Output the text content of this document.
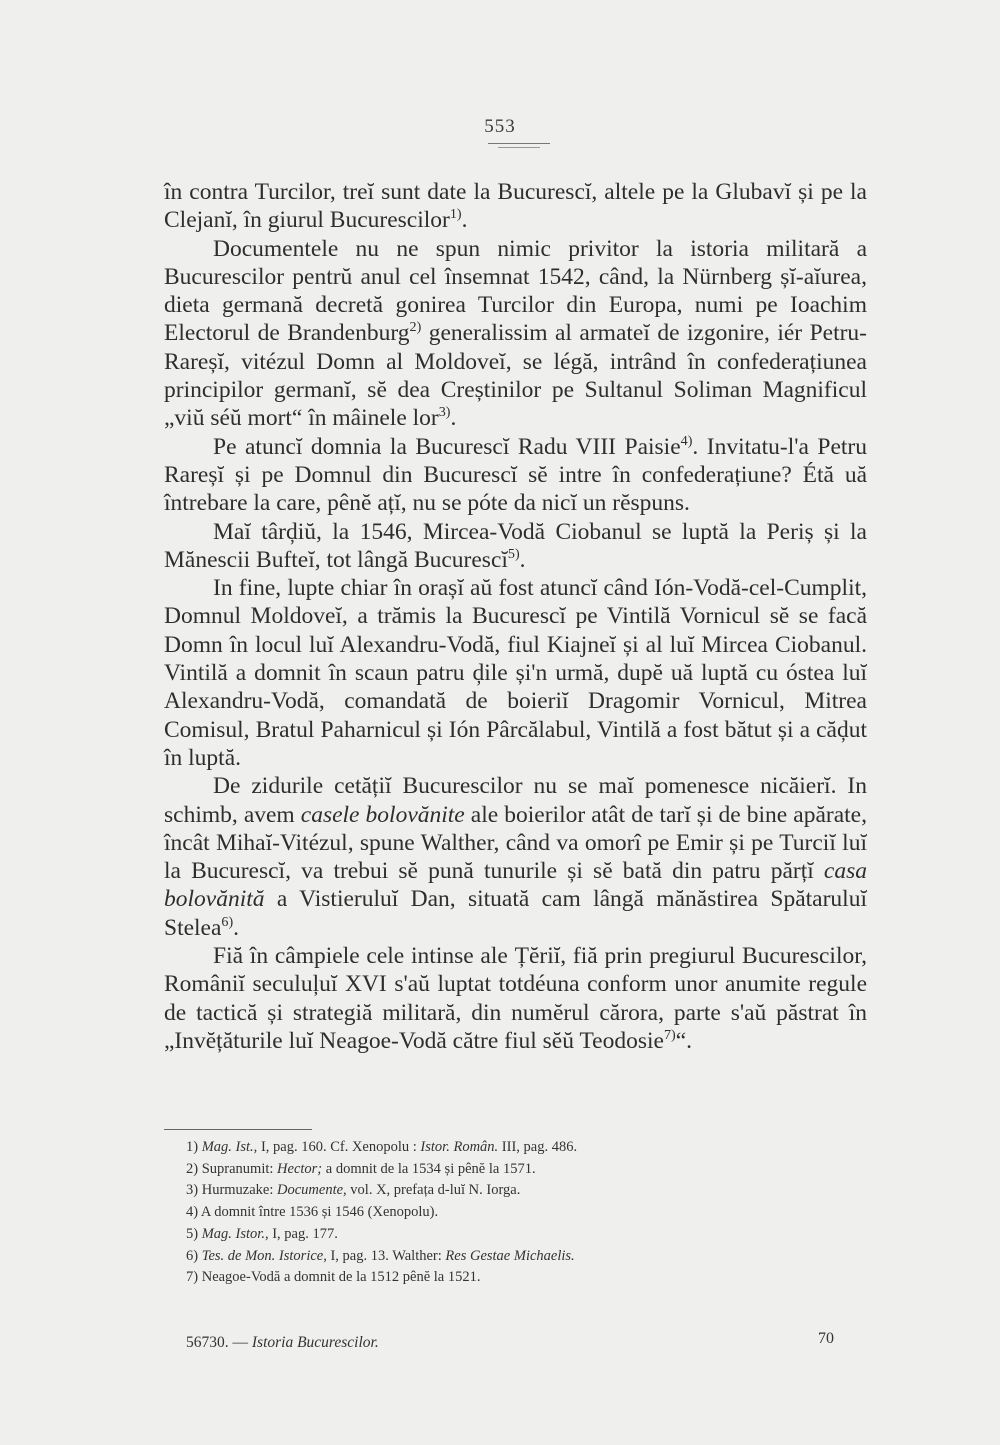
553

în contra Turcilor, treĭ sunt date la Bucurescĭ, altele pe la Glubavĭ și pe la Clejanĭ, în giurul Bucurescilor$^{1)}$.

Documentele nu ne spun nimic privitor la istoria militară a Bucurescilor pentrŭ anul cel însemnat 1542, când, la Nürnberg șĭ-aĭurea, dieta germană decretă gonirea Turcilor din Europa, numi pe Ioachim Electorul de Brandenburg$^{2)}$ generalissim al armateĭ de izgonire, iér Petru-Rareșĭ, vitézul Domn al Moldoveĭ, se légă, intrând în confederațiunea principilor germanĭ, sĕ dea Creștinilor pe Sultanul Soliman Magnificul „viŭ séŭ mort“ în mâinele lor$^{3)}$.

Pe atuncĭ domnia la Bucurescĭ Radu VIII Paisie$^{4)}$. Invitatu-l'a Petru Rareșĭ și pe Domnul din Bucurescĭ sĕ intre în confederațiune? Étă uă întrebare la care, pênĕ ațĭ, nu se póte da nicĭ un rĕspuns.

Maĭ târḑiŭ, la 1546, Mircea-Vodă Ciobanul se luptă la Periș și la Mănescii Bufteĭ, tot lângă Bucurescĭ$^{5)}$.

In fine, lupte chiar în orașĭ aŭ fost atuncĭ când Ión-Vodă-cel-Cumplit, Domnul Moldoveĭ, a trămis la Bucurescĭ pe Vintilă Vornicul sĕ se facă Domn în locul luĭ Alexandru-Vodă, fiul Kiajneĭ și al luĭ Mircea Ciobanul. Vintilă a domnit în scaun patru ḑile și'n urmă, dupĕ uă luptă cu óstea luĭ Alexandru-Vodă, comandată de boieriĭ Dragomir Vornicul, Mitrea Comisul, Bratul Paharnicul și Ión Pârcălabul, Vintilă a fost bătut și a căḑut în luptă.

De zidurile cetățiĭ Bucurescilor nu se maĭ pomenesce nicăierĭ. In schimb, avem casele bolovănite ale boierilor atât de tarĭ și de bine apărate, încât Mihaĭ-Vitézul, spune Walther, când va omorî pe Emir și pe Turciĭ luĭ la Bucurescĭ, va trebui sĕ pună tunurile și sĕ bată din patru părțĭ casa bolovănită a Vistieruluĭ Dan, situată cam lângă mănăstirea Spătaruluĭ Stelea$^{6)}$.

Fiă în câmpiele cele intinse ale Țĕriĭ, fiă prin pregiurul Bucurescilor, Româniĭ seculuļuĭ XVI s'aŭ luptat totdéuna conform unor anumite regule de tactică și strategiă militară, din numĕrul cărora, parte s'aŭ păstrat în „Invĕțăturile luĭ Neagoe-Vodă către fiul sĕŭ Teodosie$^{7)}$“.

1) Mag. Ist., I, pag. 160. Cf. Xenopolu : Istor. Român. III, pag. 486.
2) Supranumit: Hector; a domnit de la 1534 și pênĕ la 1571.
3) Hurmuzake: Documente, vol. X, prefața d-luĭ N. Iorga.
4) A domnit între 1536 și 1546 (Xenopolu).
5) Mag. Istor., I, pag. 177.
6) Tes. de Mon. Istorice, I, pag. 13. Walther: Res Gestae Michaelis.
7) Neagoe-Vodă a domnit de la 1512 pênĕ la 1521.
56730. — Istoria Bucurescilor.	70
